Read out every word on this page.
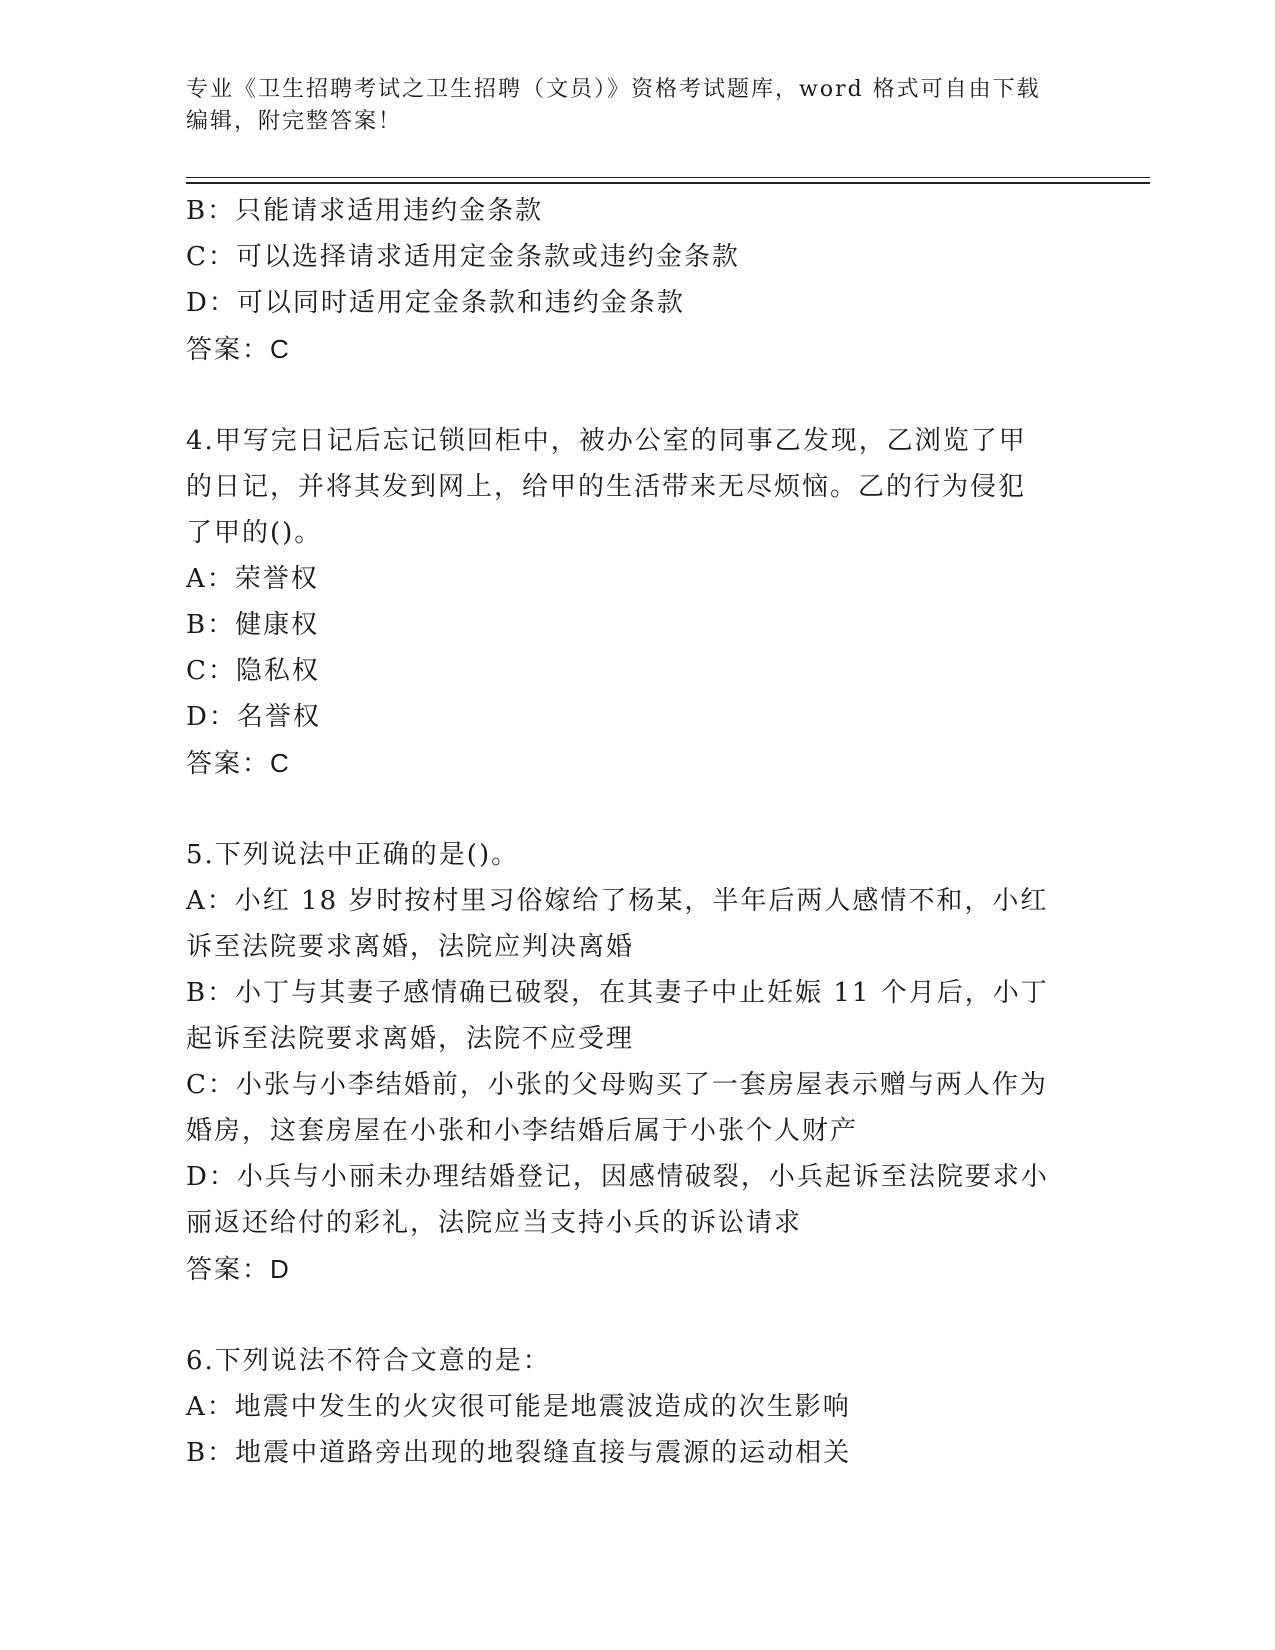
专业《卫生招聘考试之卫生招聘（文员）》资格考试题库，word 格式可自由下载
编辑，附完整答案！
B：只能请求适用违约金条款
C：可以选择请求适用定金条款或违约金条款
D：可以同时适用定金条款和违约金条款
答案：C
4.甲写完日记后忘记锁回柜中，被办公室的同事乙发现，乙浏览了甲
的日记，并将其发到网上，给甲的生活带来无尽烦恼。乙的行为侵犯
了甲的()。
A：荣誉权
B：健康权
C：隐私权
D：名誉权
答案：C
5.下列说法中正确的是()。
A：小红 18 岁时按村里习俗嫁给了杨某，半年后两人感情不和，小红
诉至法院要求离婚，法院应判决离婚
B：小丁与其妻子感情确已破裂，在其妻子中止妊娠 11 个月后，小丁
起诉至法院要求离婚，法院不应受理
C：小张与小李结婚前，小张的父母购买了一套房屋表示赠与两人作为
婚房，这套房屋在小张和小李结婚后属于小张个人财产
D：小兵与小丽未办理结婚登记，因感情破裂，小兵起诉至法院要求小
丽返还给付的彩礼，法院应当支持小兵的诉讼请求
答案：D
6.下列说法不符合文意的是：
A：地震中发生的火灾很可能是地震波造成的次生影响
B：地震中道路旁出现的地裂缝直接与震源的运动相关
